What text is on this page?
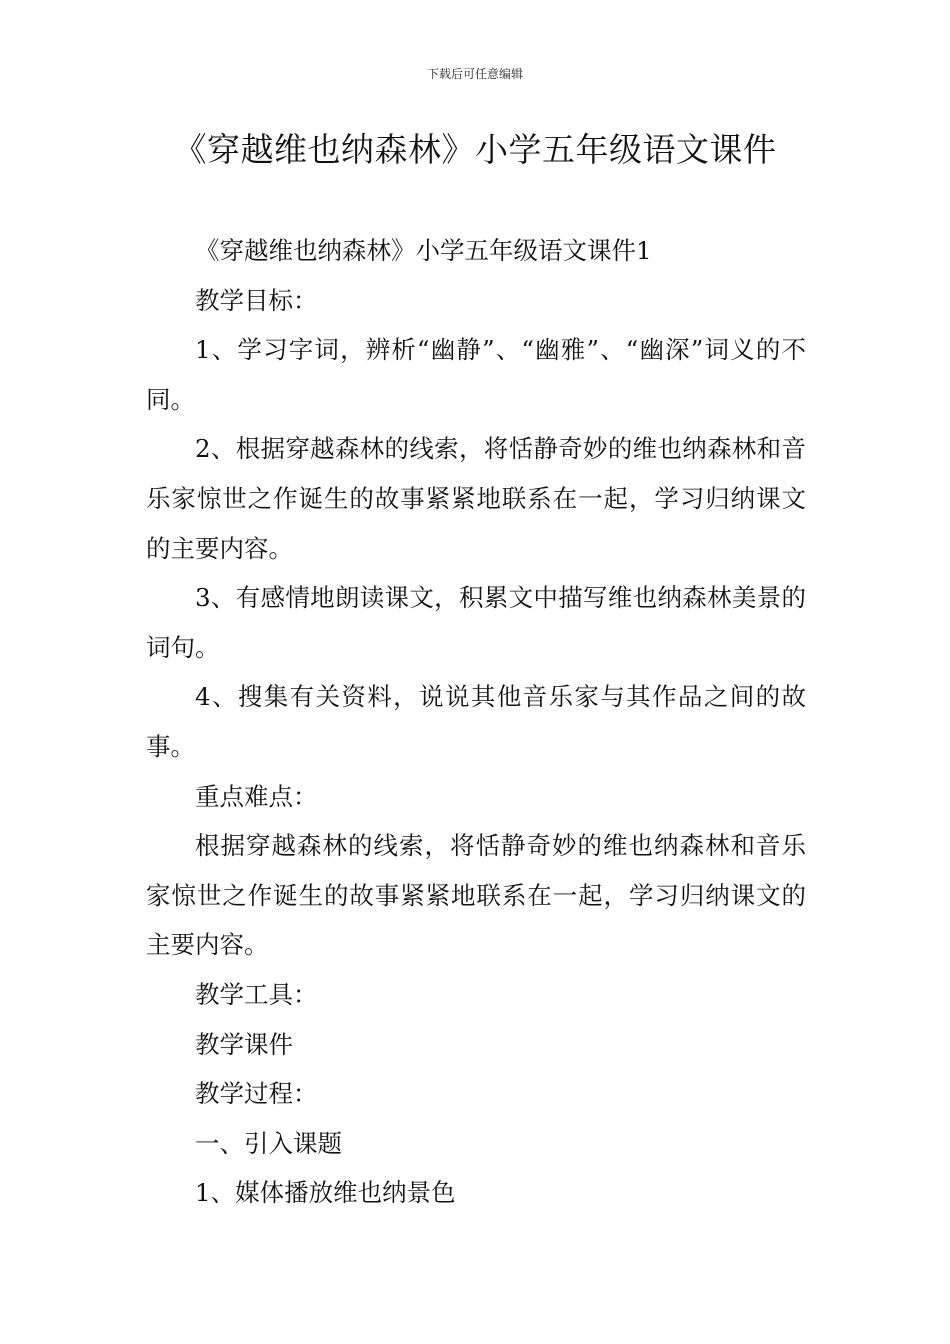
下载后可任意编辑
《穿越维也纳森林》小学五年级语文课件

《穿越维也纳森林》小学五年级语文课件1

教学目标：

1、学习字词，辨析“幽静”、“幽雅”、“幽深”词义的不同。

2、根据穿越森林的线索，将恬静奇妙的维也纳森林和音乐家惊世之作诞生的故事紧紧地联系在一起，学习归纳课文的主要内容。

3、有感情地朗读课文，积累文中描写维也纳森林美景的词句。

4、搜集有关资料，说说其他音乐家与其作品之间的故事。

重点难点：

根据穿越森林的线索，将恬静奇妙的维也纳森林和音乐家惊世之作诞生的故事紧紧地联系在一起，学习归纳课文的主要内容。

教学工具：

教学课件

教学过程：

一、引入课题

1、媒体播放维也纳景色
